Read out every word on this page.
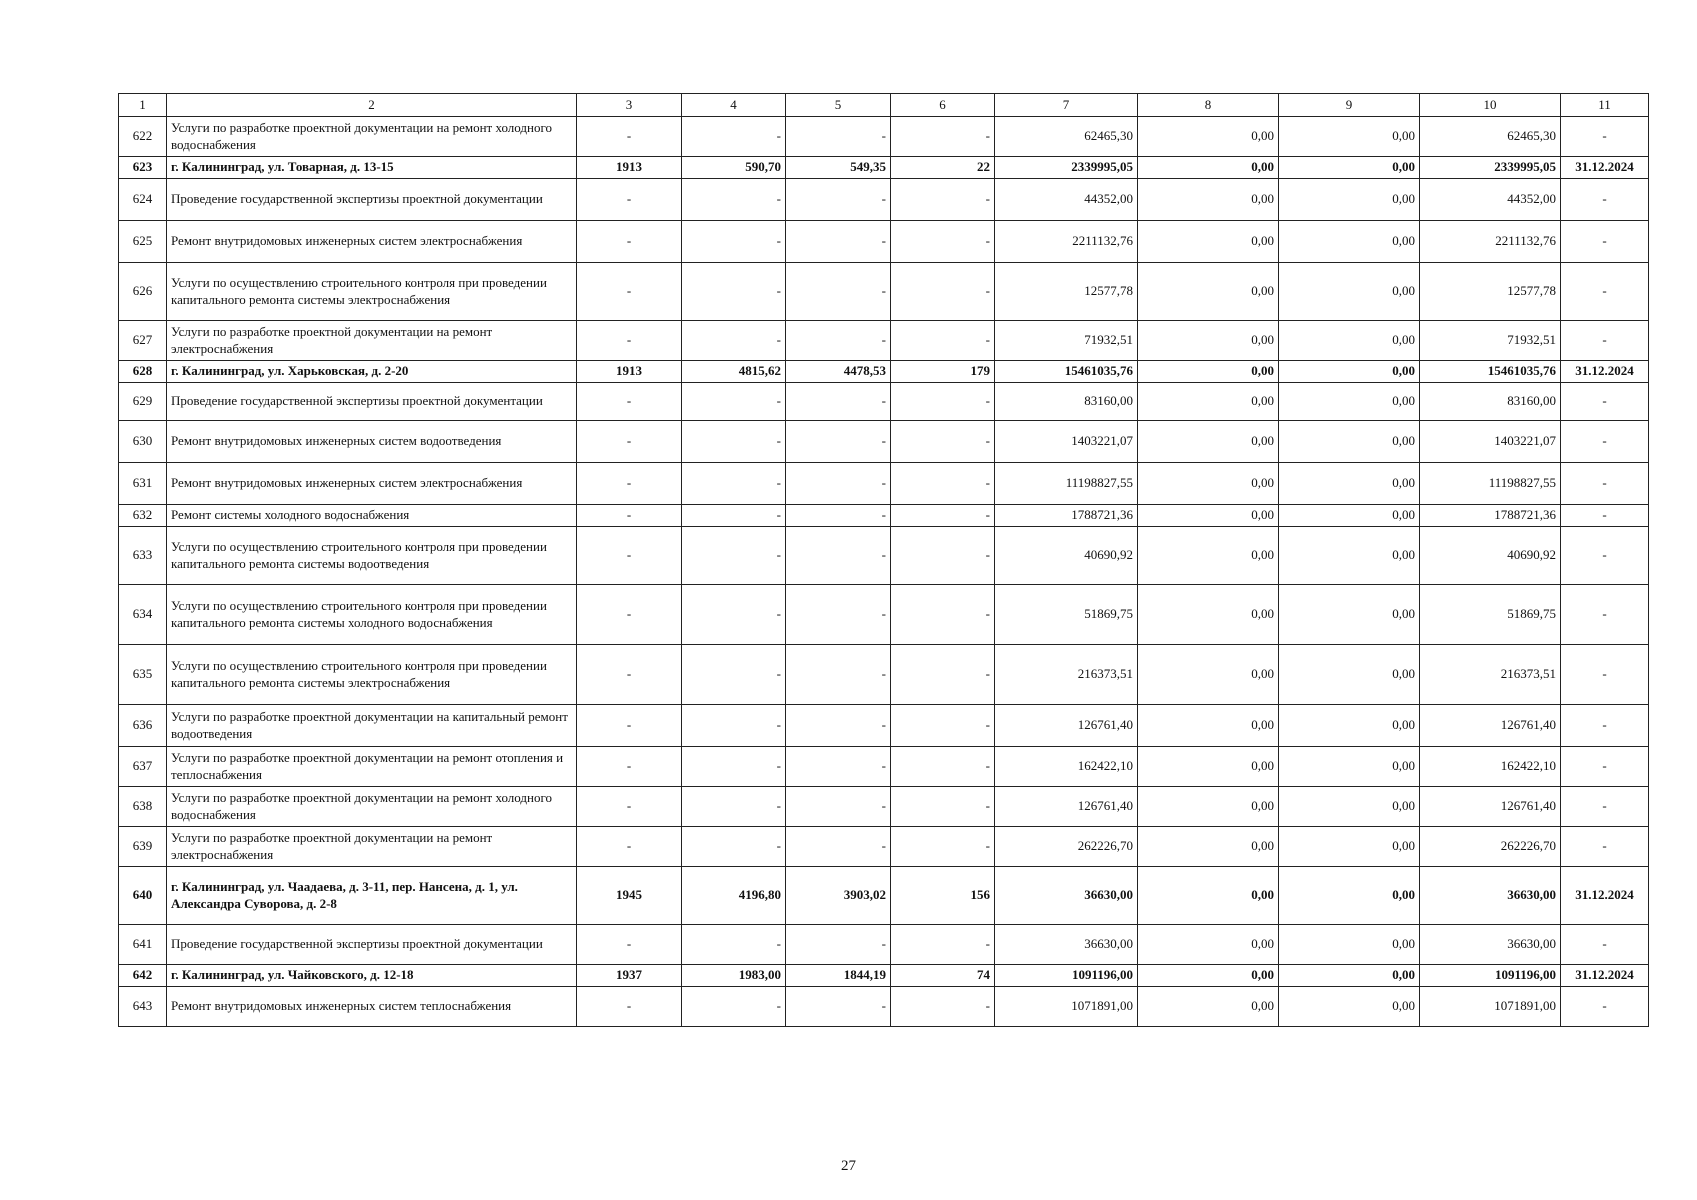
1	2	3	4	5	6	7	8	9	10	11
622	Услуги по разработке проектной документации на ремонт холодного водоснабжения	-	-	-	-	62465,30	0,00	0,00	62465,30	-
623	г. Калининград, ул. Товарная, д. 13-15	1913	590,70	549,35	22	2339995,05	0,00	0,00	2339995,05	31.12.2024
624	Проведение государственной экспертизы проектной документации	-	-	-	-	44352,00	0,00	0,00	44352,00	-
625	Ремонт внутридомовых инженерных систем электроснабжения	-	-	-	-	2211132,76	0,00	0,00	2211132,76	-
626	Услуги по осуществлению строительного контроля при проведении капитального ремонта системы электроснабжения	-	-	-	-	12577,78	0,00	0,00	12577,78	-
627	Услуги по разработке проектной документации на ремонт электроснабжения	-	-	-	-	71932,51	0,00	0,00	71932,51	-
628	г. Калининград, ул. Харьковская, д. 2-20	1913	4815,62	4478,53	179	15461035,76	0,00	0,00	15461035,76	31.12.2024
629	Проведение государственной экспертизы проектной документации	-	-	-	-	83160,00	0,00	0,00	83160,00	-
630	Ремонт внутридомовых инженерных систем водоотведения	-	-	-	-	1403221,07	0,00	0,00	1403221,07	-
631	Ремонт внутридомовых инженерных систем электроснабжения	-	-	-	-	11198827,55	0,00	0,00	11198827,55	-
632	Ремонт системы холодного водоснабжения	-	-	-	-	1788721,36	0,00	0,00	1788721,36	-
633	Услуги по осуществлению строительного контроля при проведении капитального ремонта системы водоотведения	-	-	-	-	40690,92	0,00	0,00	40690,92	-
634	Услуги по осуществлению строительного контроля при проведении капитального ремонта системы холодного водоснабжения	-	-	-	-	51869,75	0,00	0,00	51869,75	-
635	Услуги по осуществлению строительного контроля при проведении капитального ремонта системы электроснабжения	-	-	-	-	216373,51	0,00	0,00	216373,51	-
636	Услуги по разработке проектной документации на капитальный ремонт водоотведения	-	-	-	-	126761,40	0,00	0,00	126761,40	-
637	Услуги по разработке проектной документации на ремонт отопления и теплоснабжения	-	-	-	-	162422,10	0,00	0,00	162422,10	-
638	Услуги по разработке проектной документации на ремонт холодного водоснабжения	-	-	-	-	126761,40	0,00	0,00	126761,40	-
639	Услуги по разработке проектной документации на ремонт электроснабжения	-	-	-	-	262226,70	0,00	0,00	262226,70	-
640	г. Калининград, ул. Чаадаева, д. 3-11, пер. Нансена, д. 1, ул. Александра Суворова, д. 2-8	1945	4196,80	3903,02	156	36630,00	0,00	0,00	36630,00	31.12.2024
641	Проведение государственной экспертизы проектной документации	-	-	-	-	36630,00	0,00	0,00	36630,00	-
642	г. Калининград, ул. Чайковского, д. 12-18	1937	1983,00	1844,19	74	1091196,00	0,00	0,00	1091196,00	31.12.2024
643	Ремонт внутридомовых инженерных систем теплоснабжения	-	-	-	-	1071891,00	0,00	0,00	1071891,00	-
27
